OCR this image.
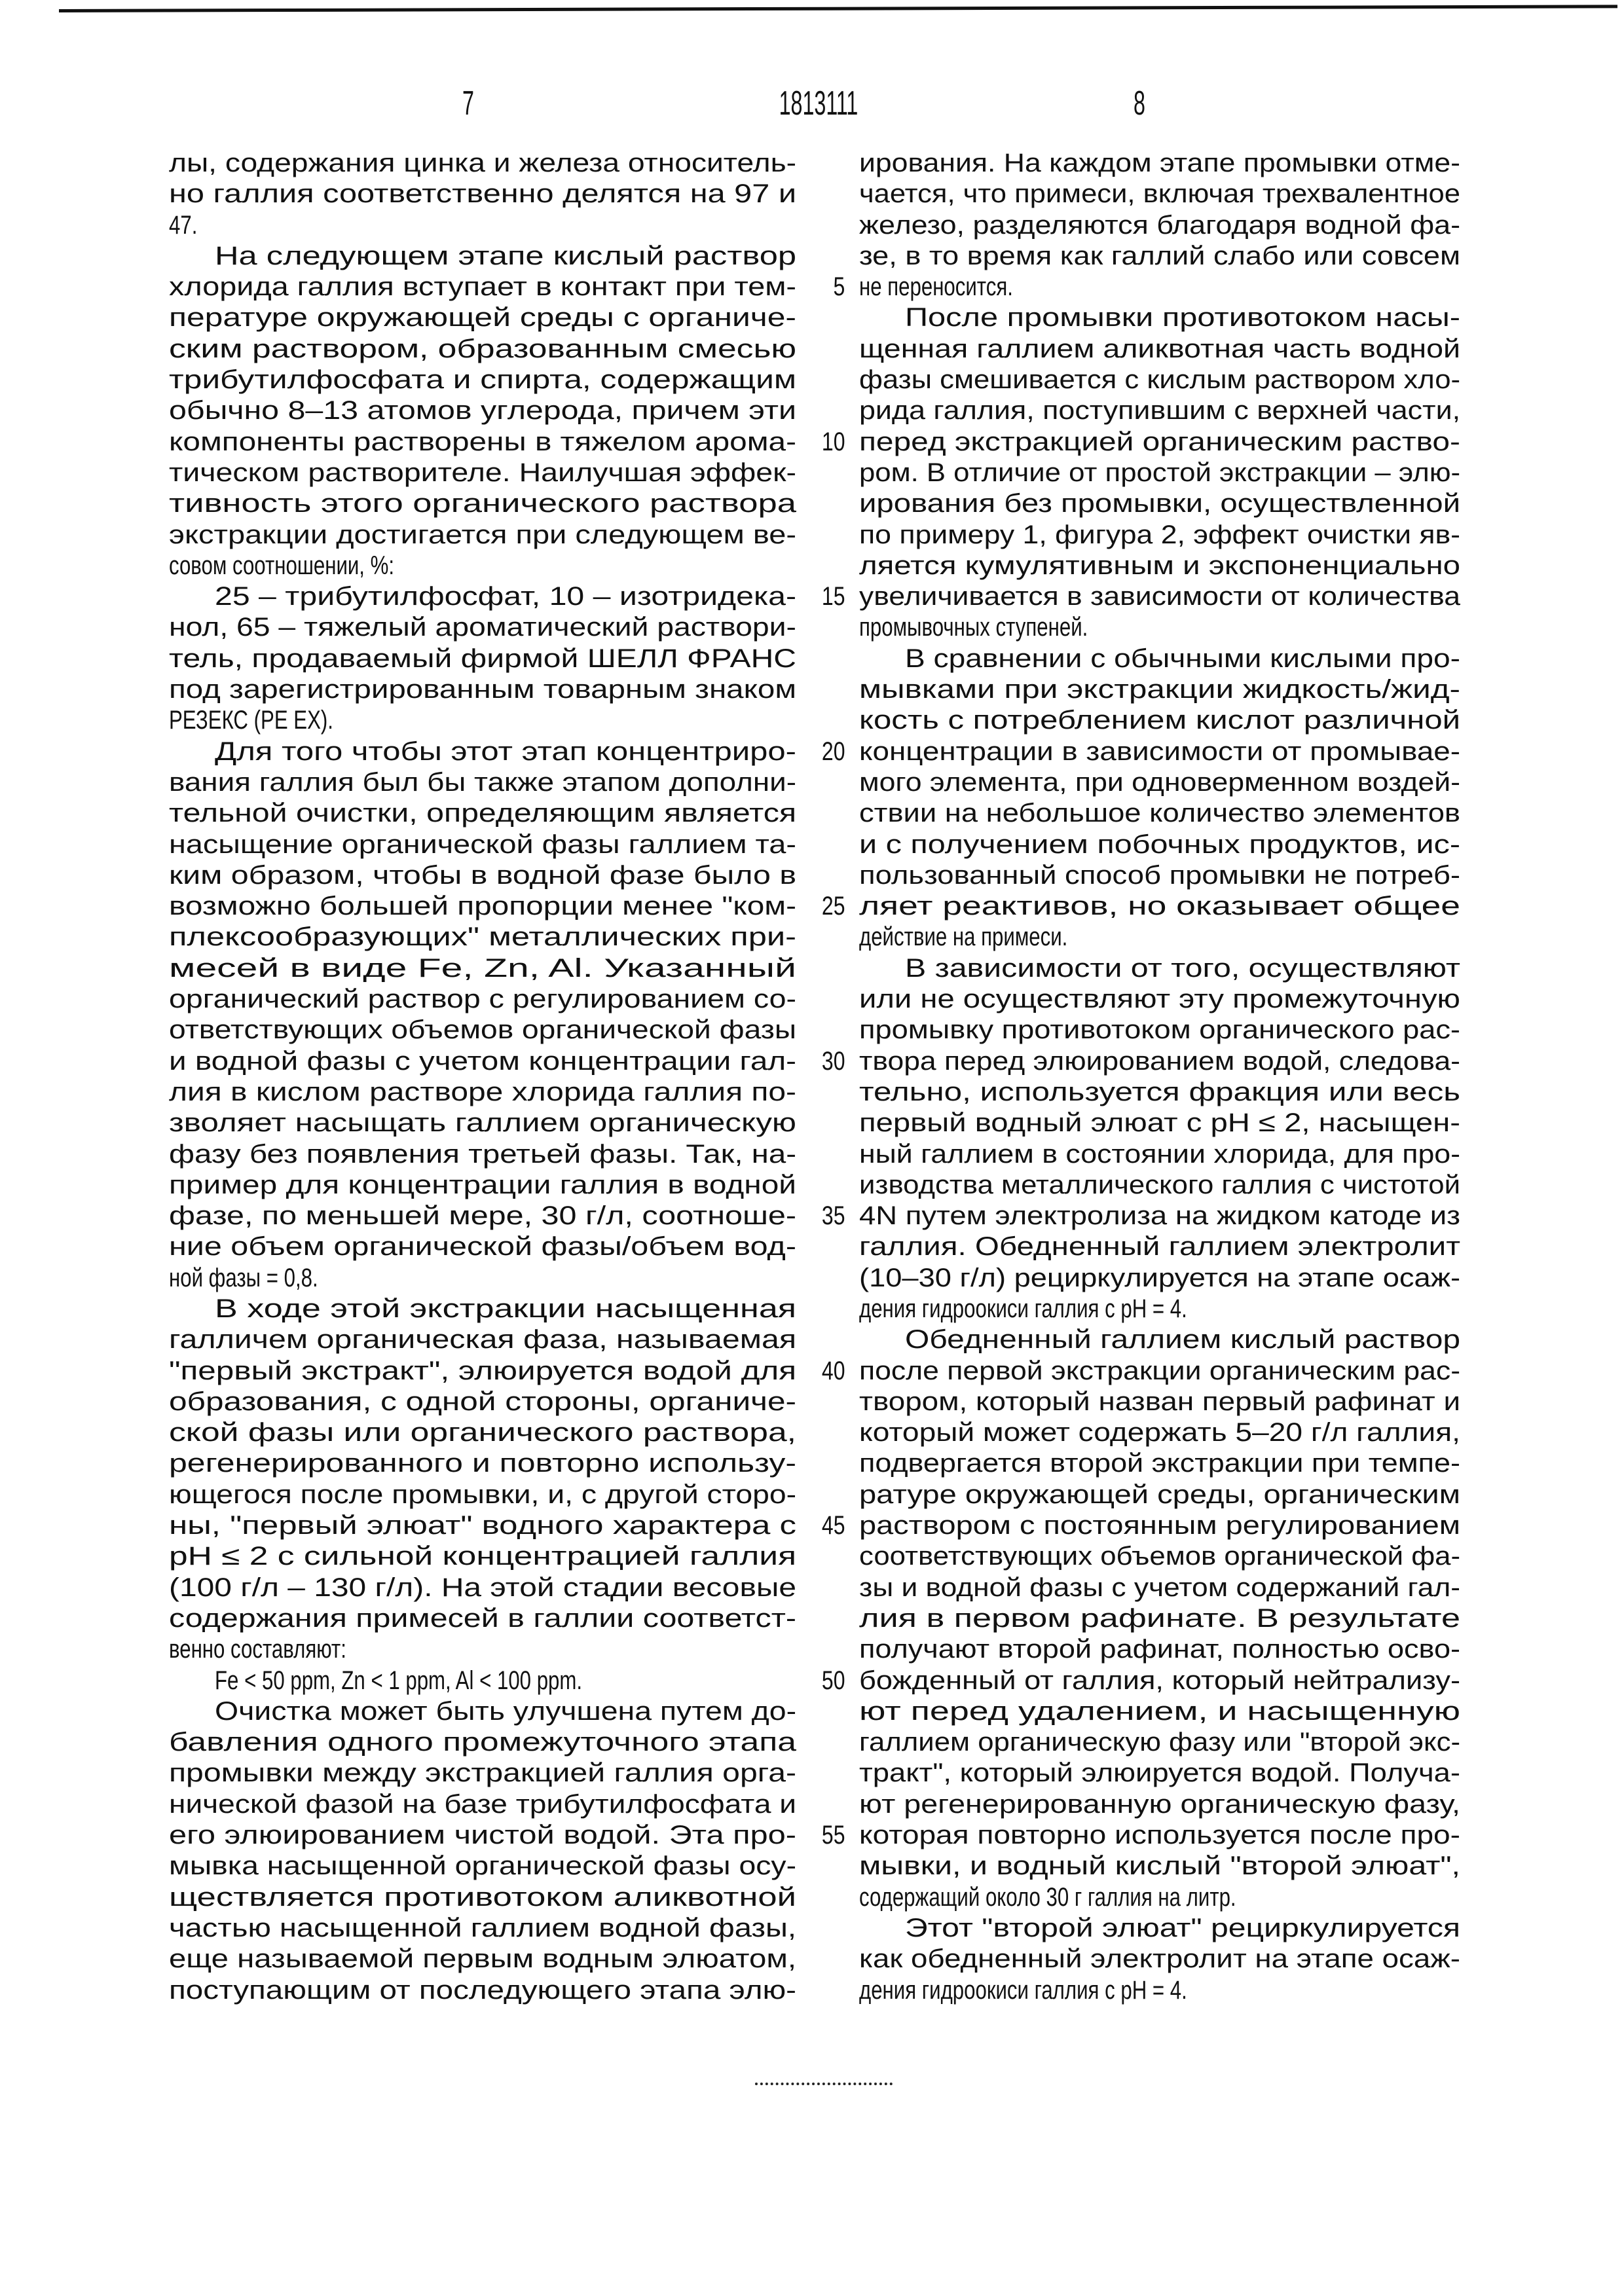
7	1813111	8
лы, содержания цинка и железа относитель-
но галлия соответственно делятся на 97 и
47.
На следующем этапе кислый раствор
хлорида галлия вступает в контакт при тем-
пературе окружающей среды с органиче-
ским раствором, образованным смесью
трибутилфосфата и спирта, содержащим
обычно 8–13 атомов углерода, причем эти
компоненты растворены в тяжелом арома-
тическом растворителе. Наилучшая эффек-
тивность этого органического раствора
экстракции достигается при следующем ве-
совом соотношении, %:
25 – трибутилфосфат, 10 – изотридека-
нол, 65 – тяжелый ароматический раствори-
тель, продаваемый фирмой ШЕЛЛ ФРАНС
под зарегистрированным товарным знаком
РЕЗЕКС (РЕ ЕХ).
Для того чтобы этот этап концентриро-
вания галлия был бы также этапом дополни-
тельной очистки, определяющим является
насыщение органической фазы галлием та-
ким образом, чтобы в водной фазе было в
возможно большей пропорции менее "ком-
плексообразующих" металлических при-
месей в виде Fe, Zn, Al. Указанный
органический раствор с регулированием со-
ответствующих объемов органической фазы
и водной фазы с учетом концентрации гал-
лия в кислом растворе хлорида галлия по-
зволяет насыщать галлием органическую
фазу без появления третьей фазы. Так, на-
пример для концентрации галлия в водной
фазе, по меньшей мере, 30 г/л, соотноше-
ние объем органической фазы/объем вод-
ной фазы = 0,8.
В ходе этой экстракции насыщенная
галличем органическая фаза, называемая
"первый экстракт", элюируется водой для
образования, с одной стороны, органиче-
ской фазы или органического раствора,
регенерированного и повторно использу-
ющегося после промывки, и, с другой сторо-
ны, "первый элюат" водного характера с
pH ≤ 2 с сильной концентрацией галлия
(100 г/л – 130 г/л). На этой стадии весовые
содержания примесей в галлии соответст-
венно составляют:
Fe < 50 ppm, Zn < 1 ppm, Al < 100 ppm.
Очистка может быть улучшена путем до-
бавления одного промежуточного этапа
промывки между экстракцией галлия орга-
нической фазой на базе трибутилфосфата и
его элюированием чистой водой. Эта про-
мывка насыщенной органической фазы осу-
ществляется противотоком аликвотной
частью насыщенной галлием водной фазы,
еще называемой первым водным элюатом,
поступающим от последующего этапа элю-
5
10
15
20
25
30
35
40
45
50
55
ирования. На каждом этапе промывки отме-
чается, что примеси, включая трехвалентное
железо, разделяются благодаря водной фа-
зе, в то время как галлий слабо или совсем
не переносится.
После промывки противотоком насы-
щенная галлием аликвотная часть водной
фазы смешивается с кислым раствором хло-
рида галлия, поступившим с верхней части,
перед экстракцией органическим раство-
ром. В отличие от простой экстракции – элю-
ирования без промывки, осуществленной
по примеру 1, фигура 2, эффект очистки яв-
ляется кумулятивным и экспоненциально
увеличивается в зависимости от количества
промывочных ступеней.
В сравнении с обычными кислыми про-
мывками при экстракции жидкость/жид-
кость с потреблением кислот различной
концентрации в зависимости от промывае-
мого элемента, при одноверменном воздей-
ствии на небольшое количество элементов
и с получением побочных продуктов, ис-
пользованный способ промывки не потреб-
ляет реактивов, но оказывает общее
действие на примеси.
В зависимости от того, осуществляют
или не осуществляют эту промежуточную
промывку противотоком органического рас-
твора перед элюированием водой, следова-
тельно, используется фракция или весь
первый водный элюат с pH ≤ 2, насыщен-
ный галлием в состоянии хлорида, для про-
изводства металлического галлия с чистотой
4N путем электролиза на жидком катоде из
галлия. Обедненный галлием электролит
(10–30 г/л) рециркулируется на этапе осаж-
дения гидроокиси галлия с pH = 4.
Обедненный галлием кислый раствор
после первой экстракции органическим рас-
твором, который назван первый рафинат и
который может содержать 5–20 г/л галлия,
подвергается второй экстракции при темпе-
ратуре окружающей среды, органическим
раствором с постоянным регулированием
соответствующих объемов органической фа-
зы и водной фазы с учетом содержаний гал-
лия в первом рафинате. В результате
получают второй рафинат, полностью осво-
божденный от галлия, который нейтрализу-
ют перед удалением, и насыщенную
галлием органическую фазу или "второй экс-
тракт", который элюируется водой. Получа-
ют регенерированную органическую фазу,
которая повторно используется после про-
мывки, и водный кислый "второй элюат",
содержащий около 30 г галлия на литр.
Этот "второй элюат" рециркулируется
как обедненный электролит на этапе осаж-
дения гидроокиси галлия с pH = 4.
